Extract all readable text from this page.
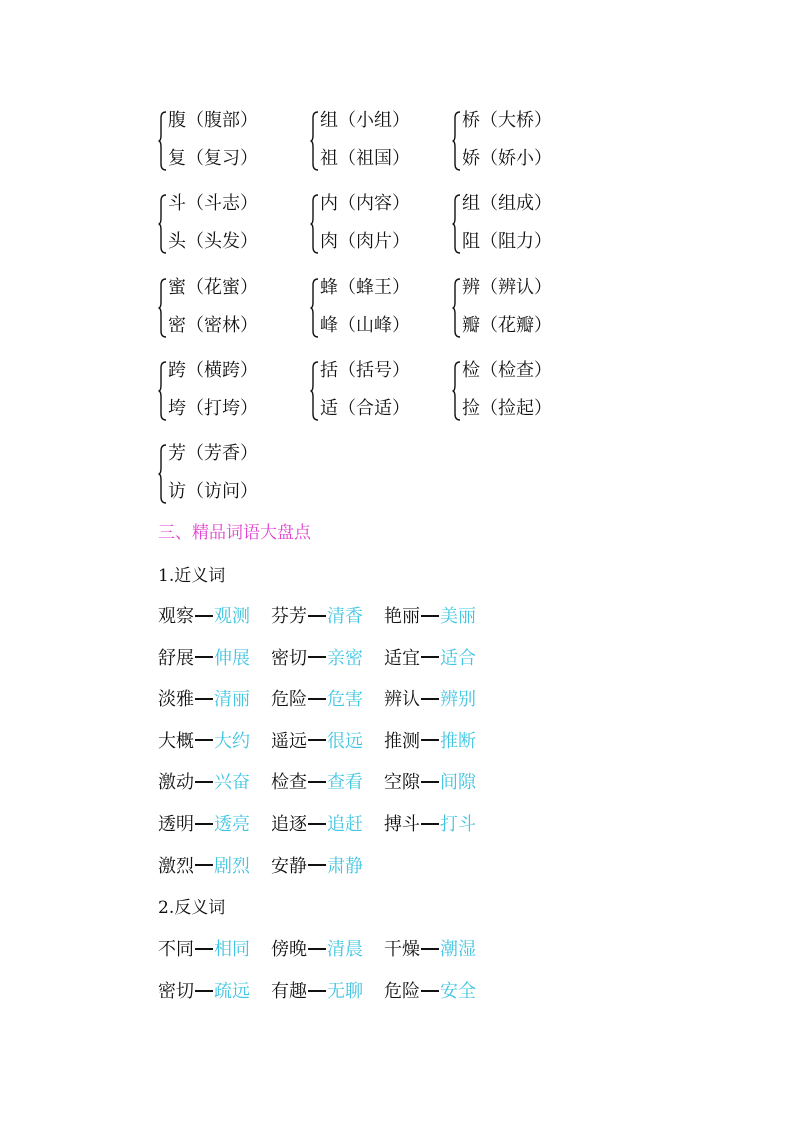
腹（腹部）
复（复习）
组（小组）
祖（祖国）
桥（大桥）
娇（娇小）
斗（斗志）
头（头发）
内（内容）
肉（肉片）
组（组成）
阻（阻力）
蜜（花蜜）
密（密林）
蜂（蜂王）
峰（山峰）
辨（辨认）
瓣（花瓣）
跨（横跨）
垮（打垮）
括（括号）
适（合适）
检（检查）
捡（捡起）
芳（芳香）
访（访问）
三、精品词语大盘点
1.近义词
观察 观测 芬芳 清香 艳丽 美丽
舒展 伸展 密切 亲密 适宜 适合
淡雅 清丽 危险 危害 辨认 辨别
大概 大约 遥远 很远 推测 推断
激动 兴奋 检查 查看 空隙 间隙
透明 透亮 追逐 追赶 搏斗 打斗
激烈 剧烈 安静 肃静
2.反义词
不同 相同 傍晚 清晨 干燥 潮湿
密切 疏远 有趣 无聊 危险 安全
